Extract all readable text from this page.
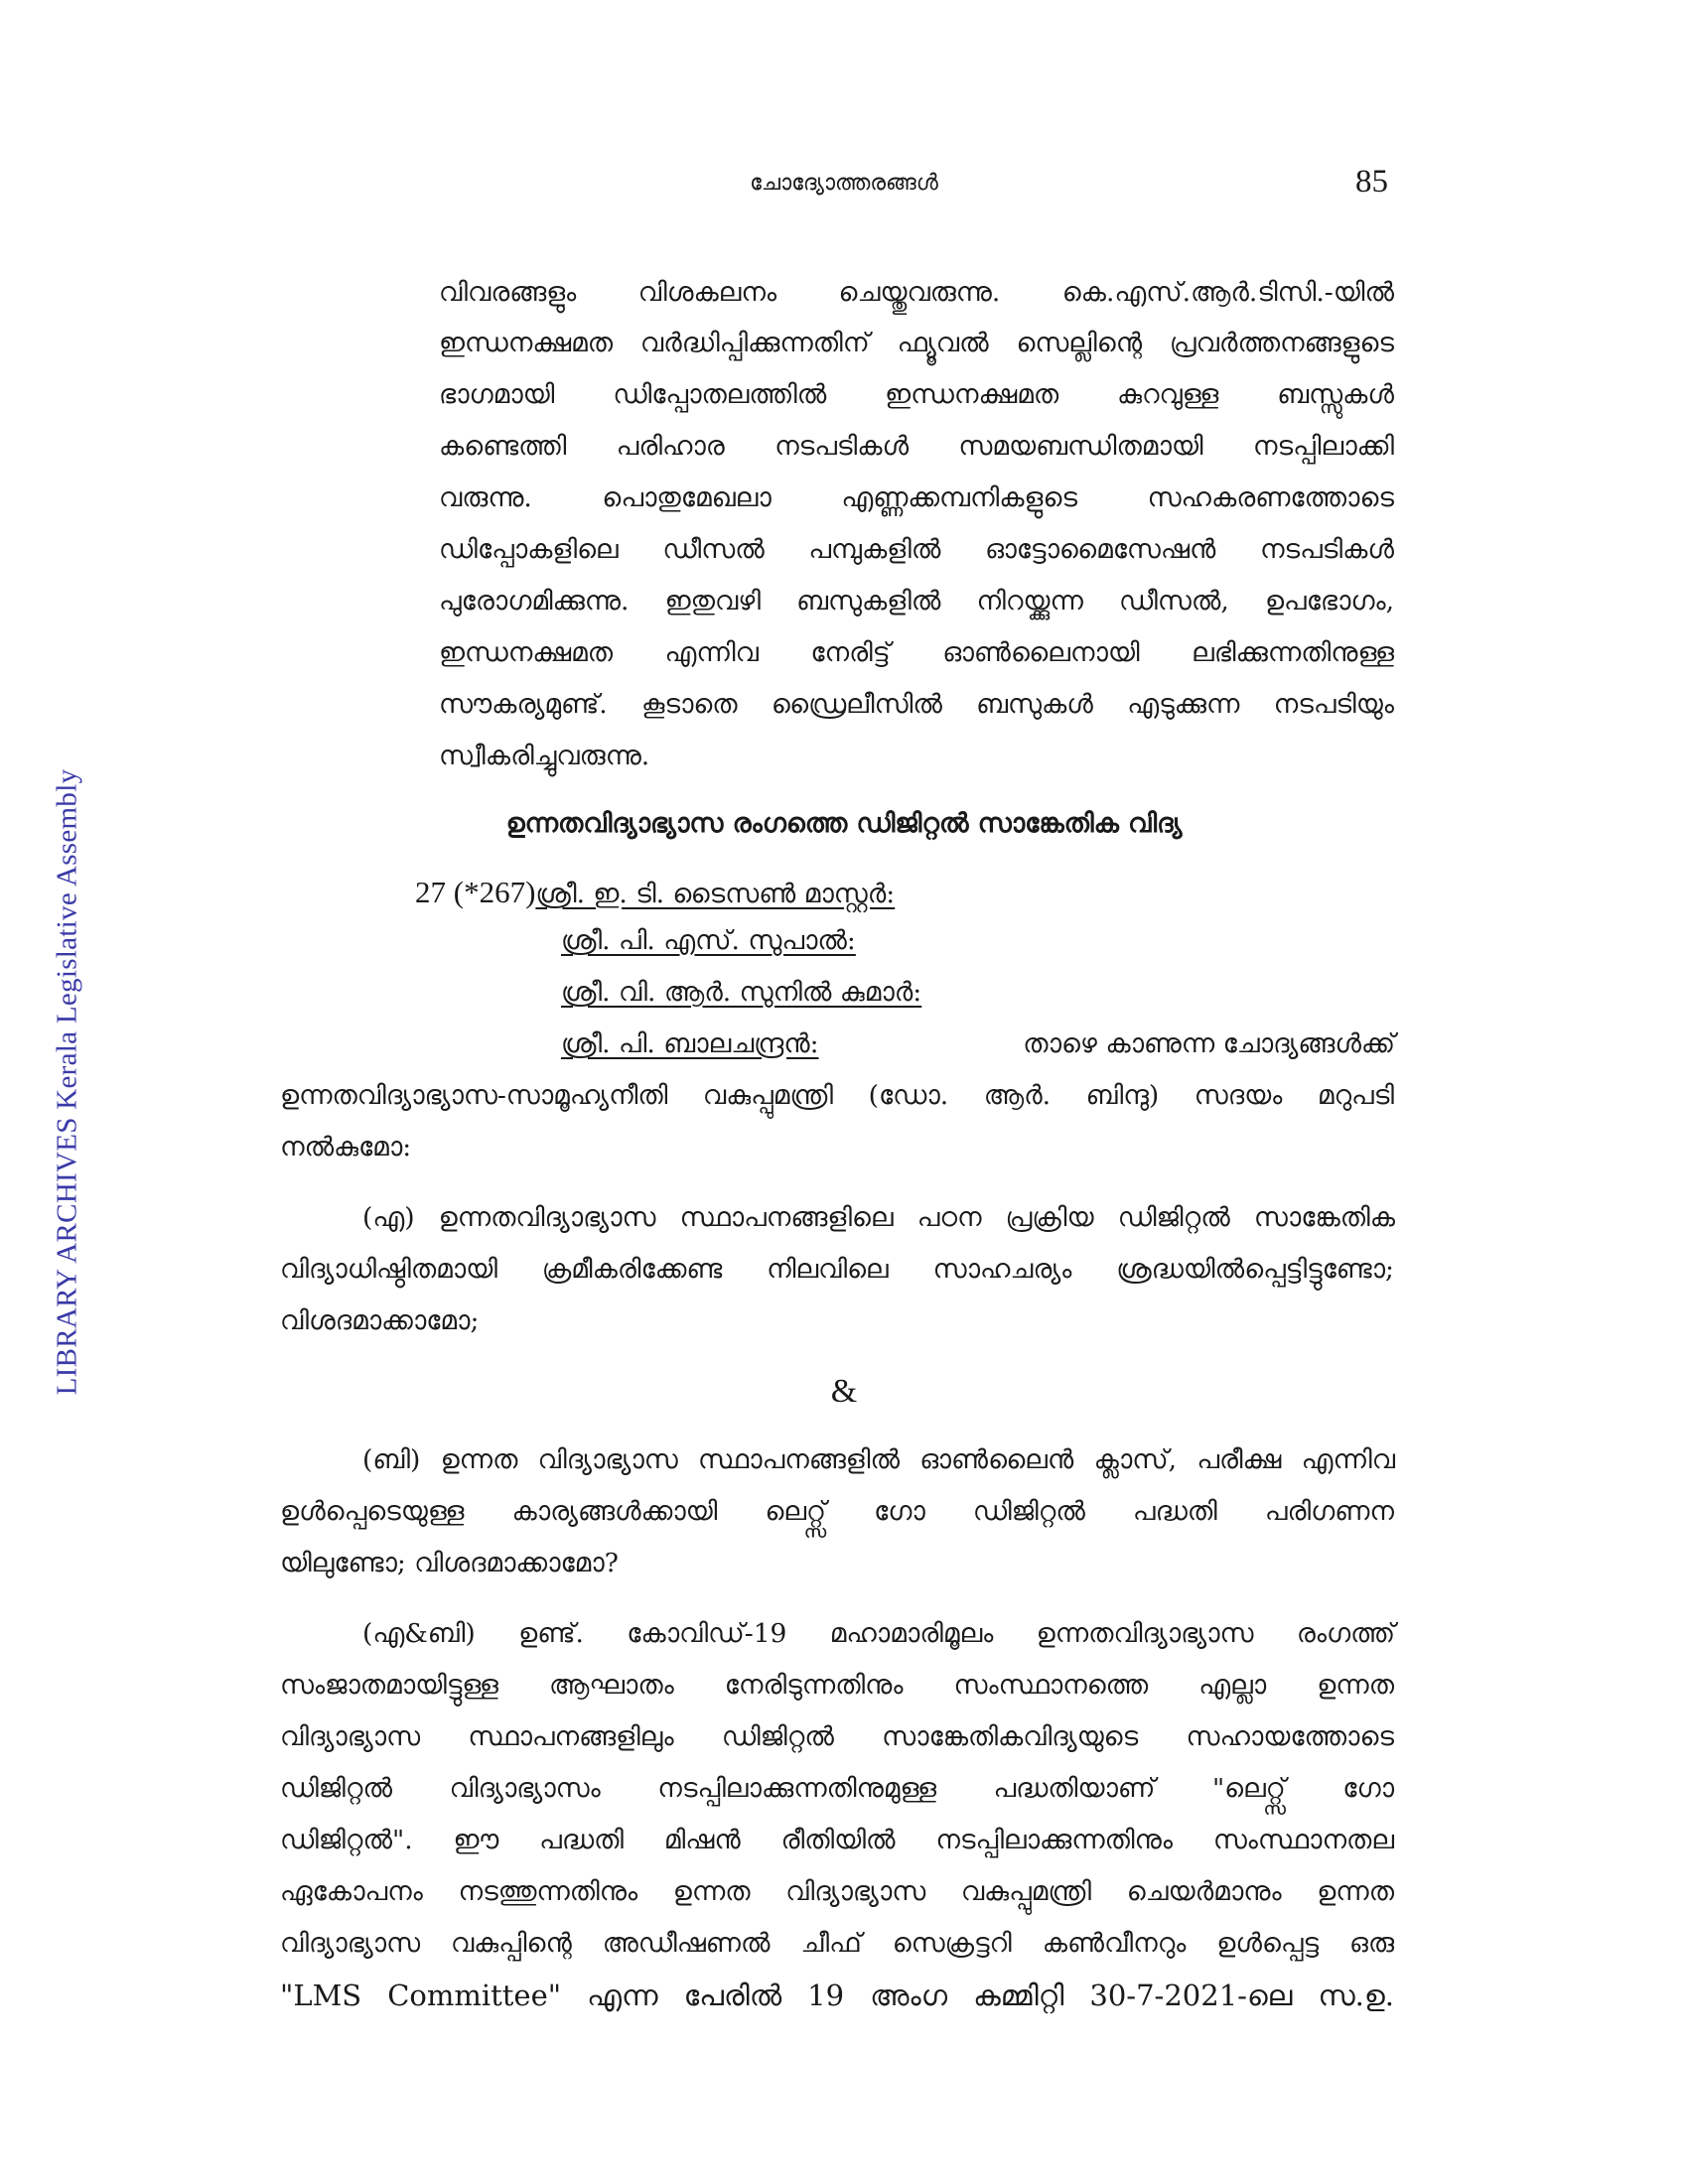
LIBRARY ARCHIVES Kerala Legislative Assembly
ചോദ്യോത്തരങ്ങൾ	85
വിവരങ്ങളും വിശകലനം ചെയ്തുവരുന്നു. കെ.എസ്.ആർ.ടിസി.-യിൽ
ഇന്ധനക്ഷമത വർദ്ധിപ്പിക്കുന്നതിന് ഫ്യൂവൽ സെല്ലിന്റെ പ്രവർത്തനങ്ങളുടെ
ഭാഗമായി ഡിപ്പോതലത്തിൽ ഇന്ധനക്ഷമത കുറവുള്ള ബസ്സുകൾ
കണ്ടെത്തി പരിഹാര നടപടികൾ സമയബന്ധിതമായി നടപ്പിലാക്കി
വരുന്നു. പൊതുമേഖലാ എണ്ണക്കമ്പനികളുടെ സഹകരണത്തോടെ
ഡിപ്പോകളിലെ ഡീസൽ പമ്പുകളിൽ ഓട്ടോമൈസേഷൻ നടപടികൾ
പുരോഗമിക്കുന്നു. ഇതുവഴി ബസുകളിൽ നിറയ്ക്കുന്ന ഡീസൽ, ഉപഭോഗം,
ഇന്ധനക്ഷമത എന്നിവ നേരിട്ട് ഓൺലൈനായി ലഭിക്കുന്നതിനുള്ള
സൗകര്യമുണ്ട്. കൂടാതെ ഡ്രൈലീസിൽ ബസുകൾ എടുക്കുന്ന നടപടിയും
സ്വീകരിച്ചുവരുന്നു.
ഉന്നതവിദ്യാഭ്യാസ രംഗത്തെ ഡിജിറ്റൽ സാങ്കേതിക വിദ്യ
27 (*267)ശ്രീ. ഇ. ടി. ടൈസൺ മാസ്റ്റർ:
ശ്രീ. പി. എസ്. സുപാൽ:
ശ്രീ. വി. ആർ. സുനിൽ കുമാർ:
ശ്രീ. പി. ബാലചന്ദ്രൻ:	താഴെ കാണുന്ന ചോദ്യങ്ങൾക്ക്
ഉന്നതവിദ്യാഭ്യാസ-സാമൂഹ്യനീതി വകുപ്പുമന്ത്രി (ഡോ. ആർ. ബിന്ദു) സദയം മറുപടി
നൽകുമോ:
(എ) ഉന്നതവിദ്യാഭ്യാസ സ്ഥാപനങ്ങളിലെ പഠന പ്രക്രിയ ഡിജിറ്റൽ സാങ്കേതിക
വിദ്യാധിഷ്ഠിതമായി ക്രമീകരിക്കേണ്ട നിലവിലെ സാഹചര്യം ശ്രദ്ധയിൽപ്പെട്ടിട്ടുണ്ടോ;
വിശദമാക്കാമോ;
&
(ബി) ഉന്നത വിദ്യാഭ്യാസ സ്ഥാപനങ്ങളിൽ ഓൺലൈൻ ക്ലാസ്, പരീക്ഷ എന്നിവ
ഉൾപ്പെടെയുള്ള കാര്യങ്ങൾക്കായി ലെറ്റ്സ് ഗോ ഡിജിറ്റൽ പദ്ധതി പരിഗണന
യിലുണ്ടോ; വിശദമാക്കാമോ?
(എ&ബി) ഉണ്ട്. കോവിഡ്-19 മഹാമാരിമൂലം ഉന്നതവിദ്യാഭ്യാസ രംഗത്ത്
സംജാതമായിട്ടുള്ള ആഘാതം നേരിടുന്നതിനും സംസ്ഥാനത്തെ എല്ലാ ഉന്നത
വിദ്യാഭ്യാസ സ്ഥാപനങ്ങളിലും ഡിജിറ്റൽ സാങ്കേതികവിദ്യയുടെ സഹായത്തോടെ
ഡിജിറ്റൽ വിദ്യാഭ്യാസം നടപ്പിലാക്കുന്നതിനുമുള്ള പദ്ധതിയാണ് "ലെറ്റ്സ് ഗോ
ഡിജിറ്റൽ". ഈ പദ്ധതി മിഷൻ രീതിയിൽ നടപ്പിലാക്കുന്നതിനും സംസ്ഥാനതല
ഏകോപനം നടത്തുന്നതിനും ഉന്നത വിദ്യാഭ്യാസ വകുപ്പുമന്ത്രി ചെയർമാനും ഉന്നത
വിദ്യാഭ്യാസ വകുപ്പിന്റെ അഡീഷണൽ ചീഫ് സെക്രട്ടറി കൺവീനറും ഉൾപ്പെട്ട ഒരു
"LMS Committee" എന്ന പേരിൽ 19 അംഗ കമ്മിറ്റി 30-7-2021-ലെ സ.ഉ.
